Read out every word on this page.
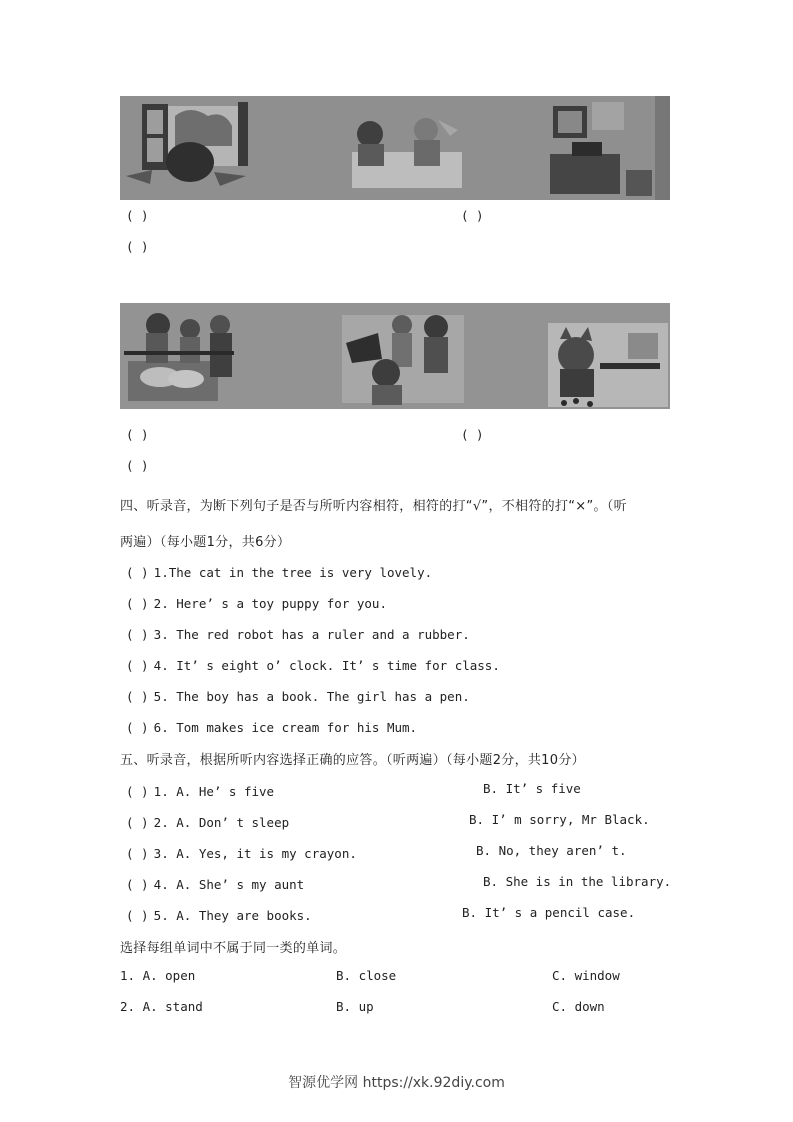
( )	( )
( )
( )	( )
( )
四、听录音，为断下列句子是否与所听内容相符，相符的打“√”，不相符的打“×”。（听
两遍）（每小题1分，共6分）
( ) 1.The cat in the tree is very lovely.
( ) 2. Here’ s a toy puppy for you.
( ) 3. The red robot has a ruler and a rubber.
( ) 4. It’ s eight o’ clock. It’ s time for class.
( ) 5. The boy has a book. The girl has a pen.
( ) 6. Tom makes ice cream for his Mum.
五、听录音，根据所听内容选择正确的应答。（听两遍）（每小题2分，共10分）
( ) 1. A. He’ s five	B. It’ s five
( ) 2. A. Don’ t sleep	B. I’ m sorry, Mr Black.
( ) 3. A. Yes, it is my crayon.	B. No, they aren’ t.
( ) 4. A. She’ s my aunt	B. She is in the library.
( ) 5. A. They are books.	B. It’ s a pencil case.
选择每组单词中不属于同一类的单词。
1. A. open	B. close	C. window
2. A. stand	B. up	C. down
智源优学网 https://xk.92diy.com
